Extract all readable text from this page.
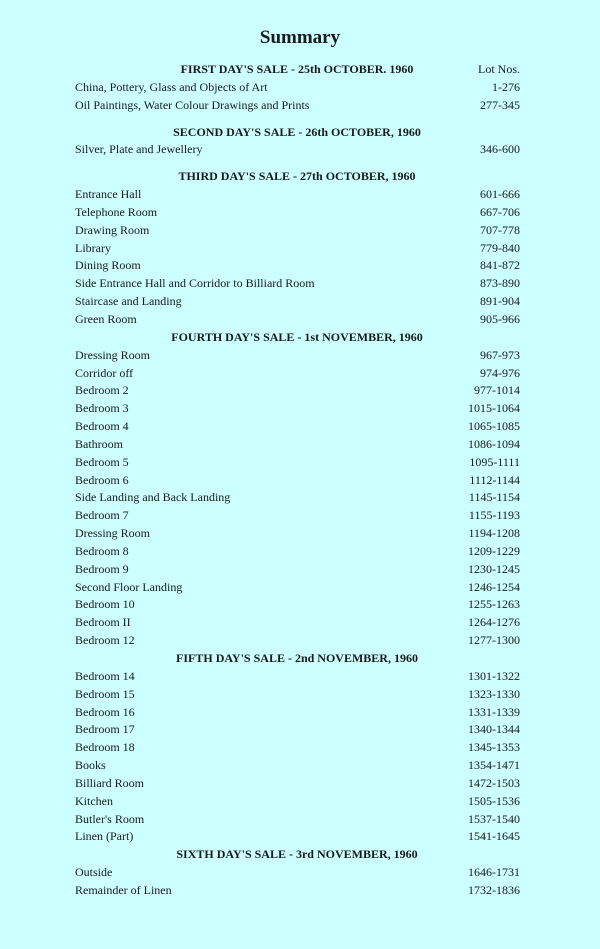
Summary
FIRST DAY'S SALE - 25th OCTOBER. 1960	Lot Nos.
China, Pottery, Glass and Objects of Art	1-276
Oil Paintings, Water Colour Drawings and Prints	277-345
SECOND DAY'S SALE - 26th OCTOBER, 1960
Silver, Plate and Jewellery	346-600
THIRD DAY'S SALE - 27th OCTOBER, 1960
Entrance Hall	601-666
Telephone Room	667-706
Drawing Room	707-778
Library	779-840
Dining Room	841-872
Side Entrance Hall and Corridor to Billiard Room	873-890
Staircase and Landing	891-904
Green Room	905-966
FOURTH DAY'S SALE - 1st NOVEMBER, 1960
Dressing Room	967-973
Corridor off	974-976
Bedroom 2	977-1014
Bedroom 3	1015-1064
Bedroom 4	1065-1085
Bathroom	1086-1094
Bedroom 5	1095-1111
Bedroom 6	1112-1144
Side Landing and Back Landing	1145-1154
Bedroom 7	1155-1193
Dressing Room	1194-1208
Bedroom 8	1209-1229
Bedroom 9	1230-1245
Second Floor Landing	1246-1254
Bedroom 10	1255-1263
Bedroom II	1264-1276
Bedroom 12	1277-1300
FIFTH DAY'S SALE - 2nd NOVEMBER, 1960
Bedroom 14	1301-1322
Bedroom 15	1323-1330
Bedroom 16	1331-1339
Bedroom 17	1340-1344
Bedroom 18	1345-1353
Books	1354-1471
Billiard Room	1472-1503
Kitchen	1505-1536
Butler's Room	1537-1540
Linen (Part)	1541-1645
SIXTH DAY'S SALE - 3rd NOVEMBER, 1960
Outside	1646-1731
Remainder of Linen	1732-1836
